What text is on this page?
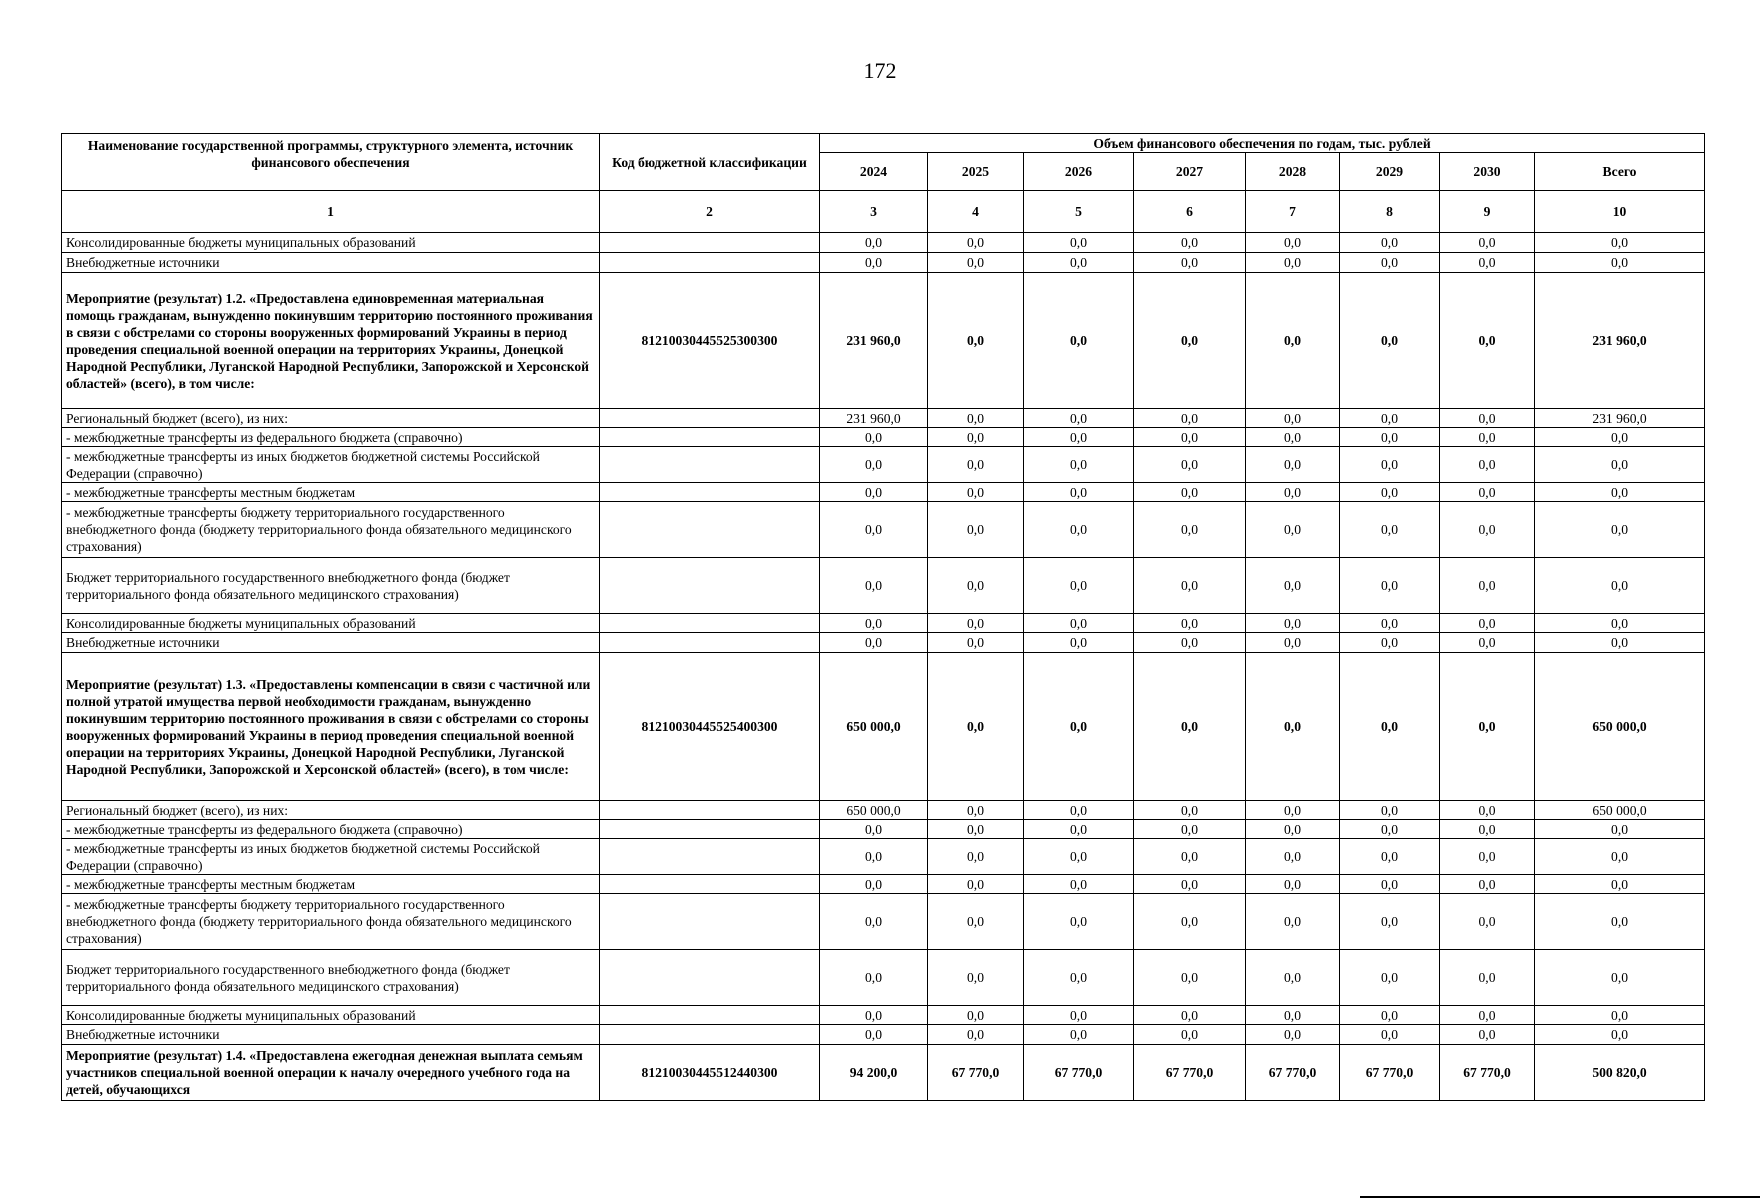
172
Наименование государственной программы, структурного элемента, источник финансового обеспечения	Код бюджетной классификации	Объем финансового обеспечения по годам, тыс. рублей							
		2024	2025	2026	2027	2028	2029	2030	Всего
1	2	3	4	5	6	7	8	9	10
Консолидированные бюджеты муниципальных образований		0,0	0,0	0,0	0,0	0,0	0,0	0,0	0,0
Внебюджетные источники		0,0	0,0	0,0	0,0	0,0	0,0	0,0	0,0
Мероприятие (результат) 1.2. «Предоставлена единовременная материальная помощь гражданам, вынужденно покинувшим территорию постоянного проживания в связи с обстрелами со стороны вооруженных формирований Украины в период проведения специальной военной операции на территориях Украины, Донецкой Народной Республики, Луганской Народной Республики, Запорожской и Херсонской областей» (всего), в том числе:	81210030445525300300	231 960,0	0,0	0,0	0,0	0,0	0,0	0,0	231 960,0
Региональный бюджет (всего), из них:		231 960,0	0,0	0,0	0,0	0,0	0,0	0,0	231 960,0
- межбюджетные трансферты из федерального бюджета (справочно)		0,0	0,0	0,0	0,0	0,0	0,0	0,0	0,0
- межбюджетные трансферты из иных бюджетов бюджетной системы Российской Федерации (справочно)		0,0	0,0	0,0	0,0	0,0	0,0	0,0	0,0
- межбюджетные трансферты местным бюджетам		0,0	0,0	0,0	0,0	0,0	0,0	0,0	0,0
- межбюджетные трансферты бюджету территориального государственного внебюджетного фонда (бюджету территориального фонда обязательного медицинского страхования)		0,0	0,0	0,0	0,0	0,0	0,0	0,0	0,0
Бюджет территориального государственного внебюджетного фонда (бюджет территориального фонда обязательного медицинского страхования)		0,0	0,0	0,0	0,0	0,0	0,0	0,0	0,0
Консолидированные бюджеты муниципальных образований		0,0	0,0	0,0	0,0	0,0	0,0	0,0	0,0
Внебюджетные источники		0,0	0,0	0,0	0,0	0,0	0,0	0,0	0,0
Мероприятие (результат) 1.3. «Предоставлены компенсации в связи с частичной или полной утратой имущества первой необходимости гражданам, вынужденно покинувшим территорию постоянного проживания в связи с обстрелами со стороны вооруженных формирований Украины в период проведения специальной военной операции на территориях Украины, Донецкой Народной Республики, Луганской Народной Республики, Запорожской и Херсонской областей» (всего), в том числе:	81210030445525400300	650 000,0	0,0	0,0	0,0	0,0	0,0	0,0	650 000,0
Региональный бюджет (всего), из них:		650 000,0	0,0	0,0	0,0	0,0	0,0	0,0	650 000,0
- межбюджетные трансферты из федерального бюджета (справочно)		0,0	0,0	0,0	0,0	0,0	0,0	0,0	0,0
- межбюджетные трансферты из иных бюджетов бюджетной системы Российской Федерации (справочно)		0,0	0,0	0,0	0,0	0,0	0,0	0,0	0,0
- межбюджетные трансферты местным бюджетам		0,0	0,0	0,0	0,0	0,0	0,0	0,0	0,0
- межбюджетные трансферты бюджету территориального государственного внебюджетного фонда (бюджету территориального фонда обязательного медицинского страхования)		0,0	0,0	0,0	0,0	0,0	0,0	0,0	0,0
Бюджет территориального государственного внебюджетного фонда (бюджет территориального фонда обязательного медицинского страхования)		0,0	0,0	0,0	0,0	0,0	0,0	0,0	0,0
Консолидированные бюджеты муниципальных образований		0,0	0,0	0,0	0,0	0,0	0,0	0,0	0,0
Внебюджетные источники		0,0	0,0	0,0	0,0	0,0	0,0	0,0	0,0
Мероприятие (результат) 1.4. «Предоставлена ежегодная денежная выплата семьям участников специальной военной операции к началу очередного учебного года на детей, обучающихся	81210030445512440300	94 200,0	67 770,0	67 770,0	67 770,0	67 770,0	67 770,0	67 770,0	500 820,0
